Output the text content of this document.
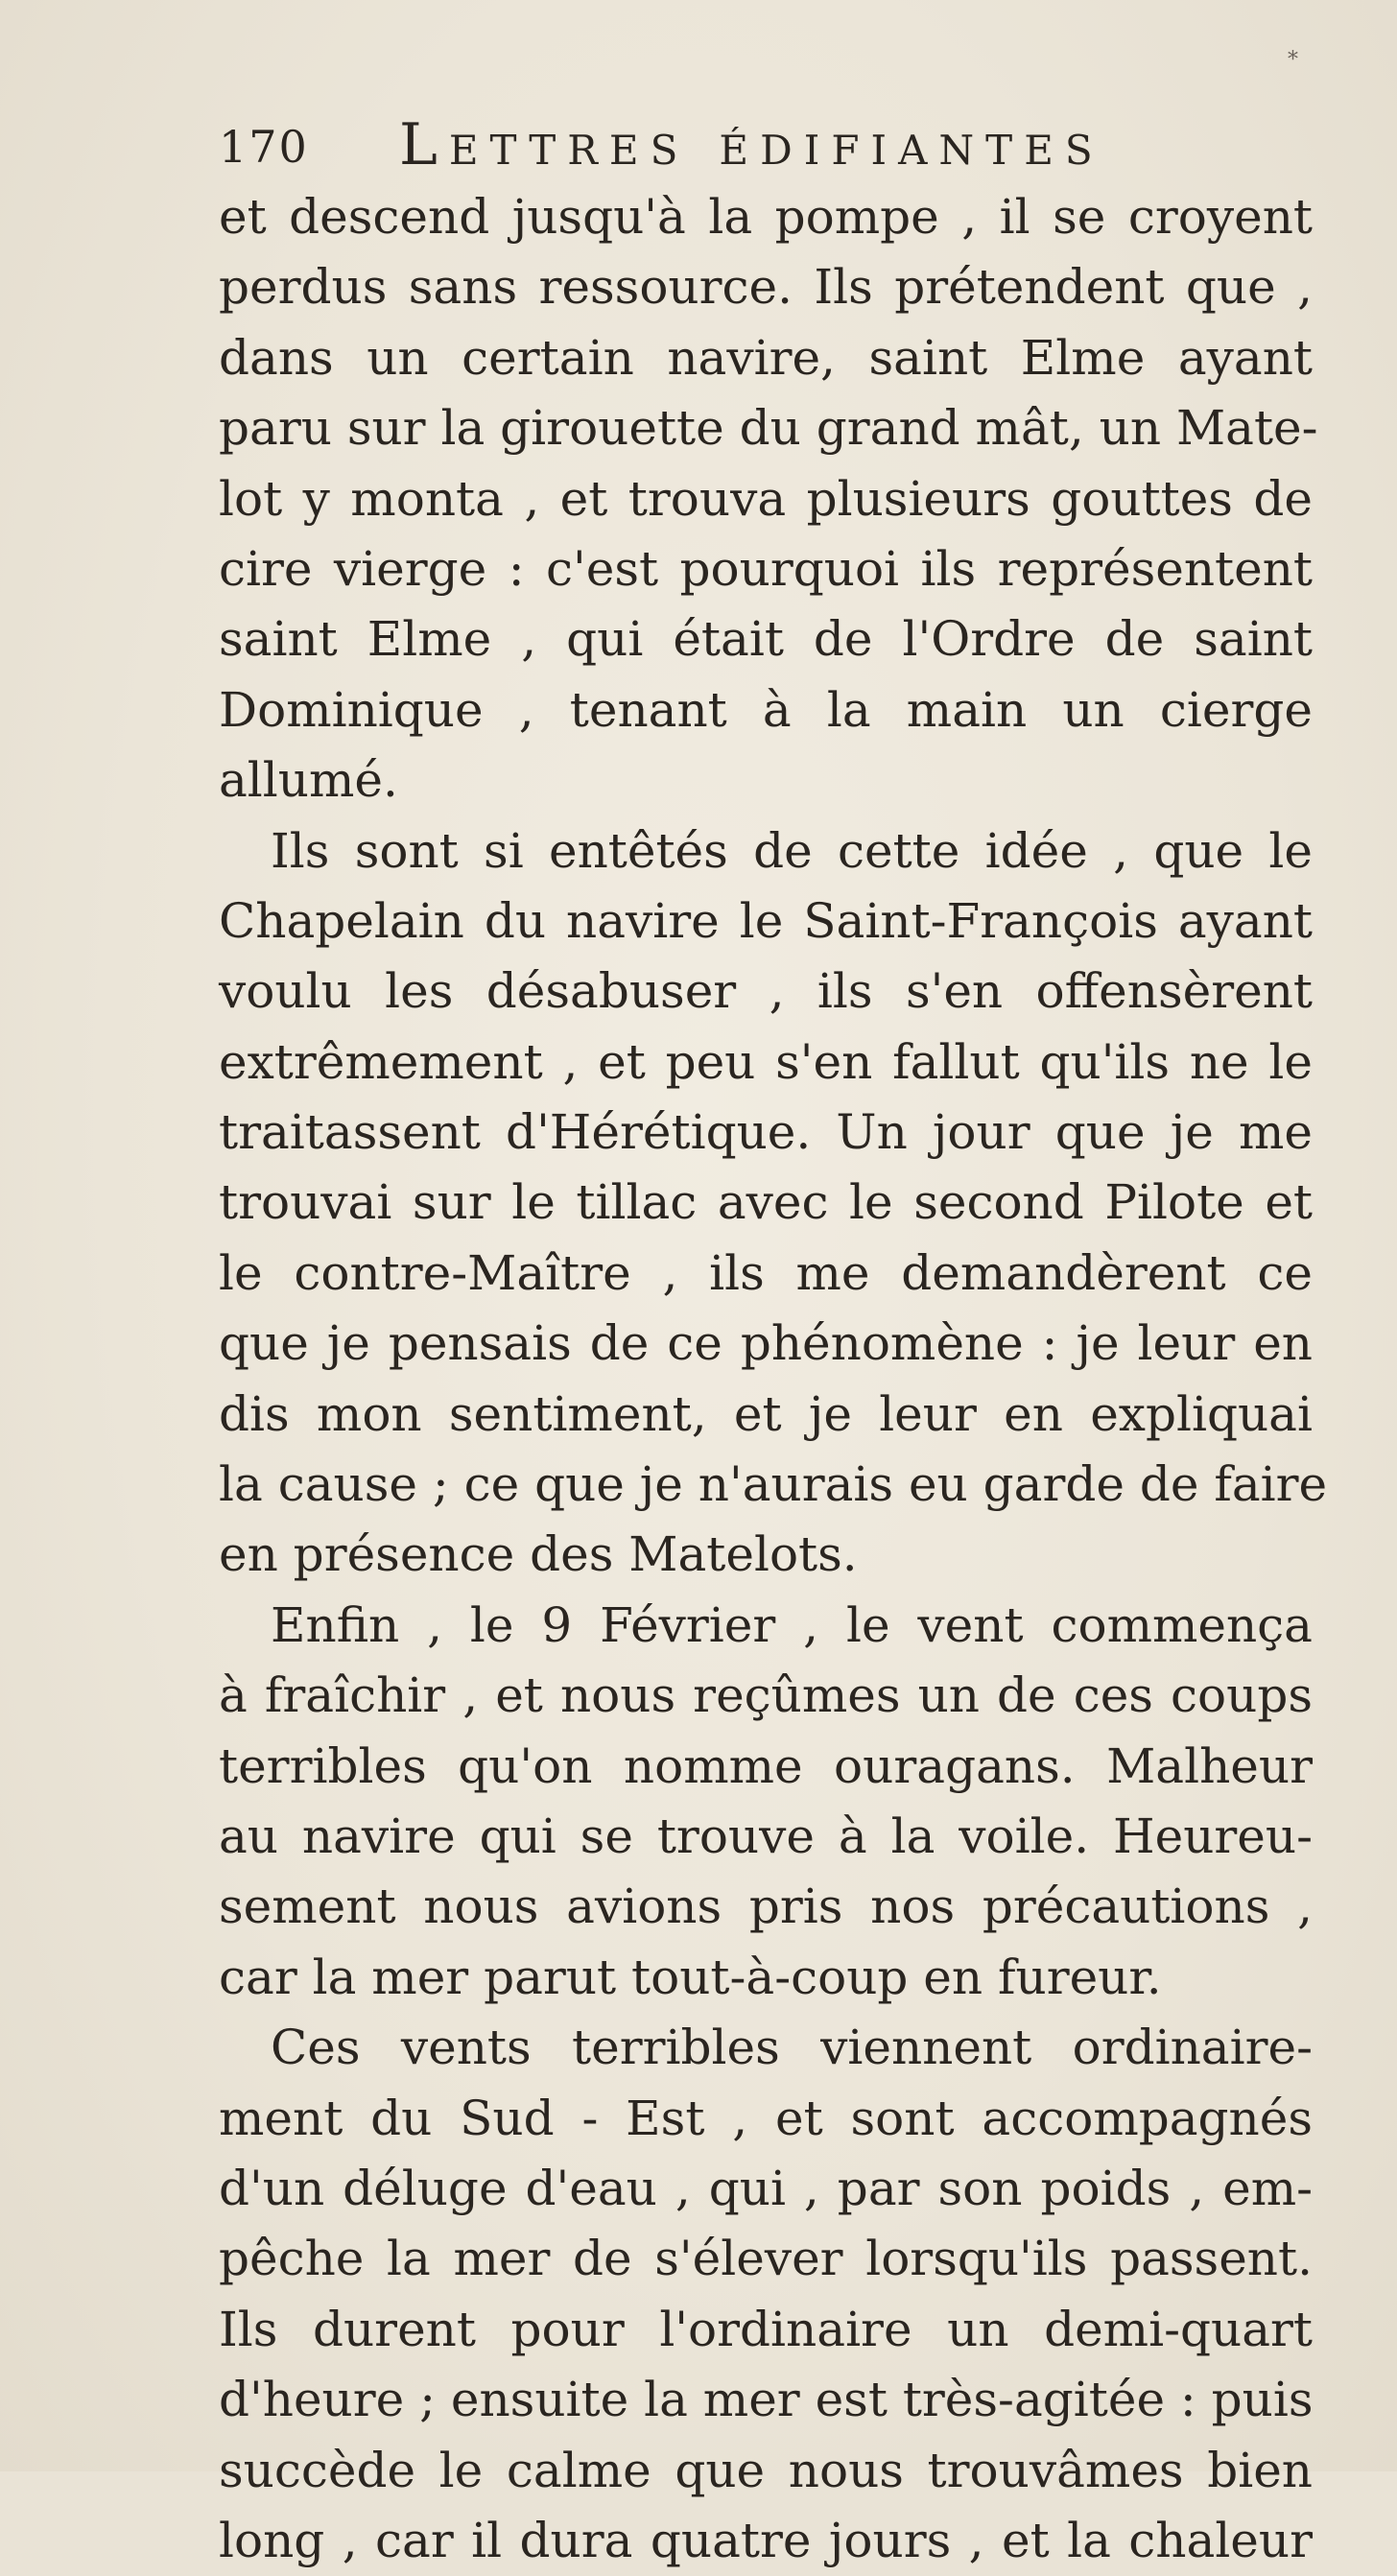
*
170 Lettres édifiantes
et descend jusqu'à la pompe , il se croyent
perdus sans ressource. Ils prétendent que ,
dans un certain navire, saint Elme ayant
paru sur la girouette du grand mât, un Mate-
lot y monta , et trouva plusieurs gouttes de
cire vierge : c'est pourquoi ils représentent
saint Elme , qui était de l'Ordre de saint
Dominique , tenant à la main un cierge
allumé.
Ils sont si entêtés de cette idée , que le
Chapelain du navire le Saint-François ayant
voulu les désabuser , ils s'en offensèrent
extrêmement , et peu s'en fallut qu'ils ne le
traitassent d'Hérétique. Un jour que je me
trouvai sur le tillac avec le second Pilote et
le contre-Maître , ils me demandèrent ce
que je pensais de ce phénomène : je leur en
dis mon sentiment, et je leur en expliquai
la cause ; ce que je n'aurais eu garde de faire
en présence des Matelots.
Enfin , le 9 Février , le vent commença
à fraîchir , et nous reçûmes un de ces coups
terribles qu'on nomme ouragans. Malheur
au navire qui se trouve à la voile. Heureu-
sement nous avions pris nos précautions ,
car la mer parut tout-à-coup en fureur.
Ces vents terribles viennent ordinaire-
ment du Sud - Est , et sont accompagnés
d'un déluge d'eau , qui , par son poids , em-
pêche la mer de s'élever lorsqu'ils passent.
Ils durent pour l'ordinaire un demi-quart
d'heure ; ensuite la mer est très-agitée : puis
succède le calme que nous trouvâmes bien
long , car il dura quatre jours , et la chaleur
